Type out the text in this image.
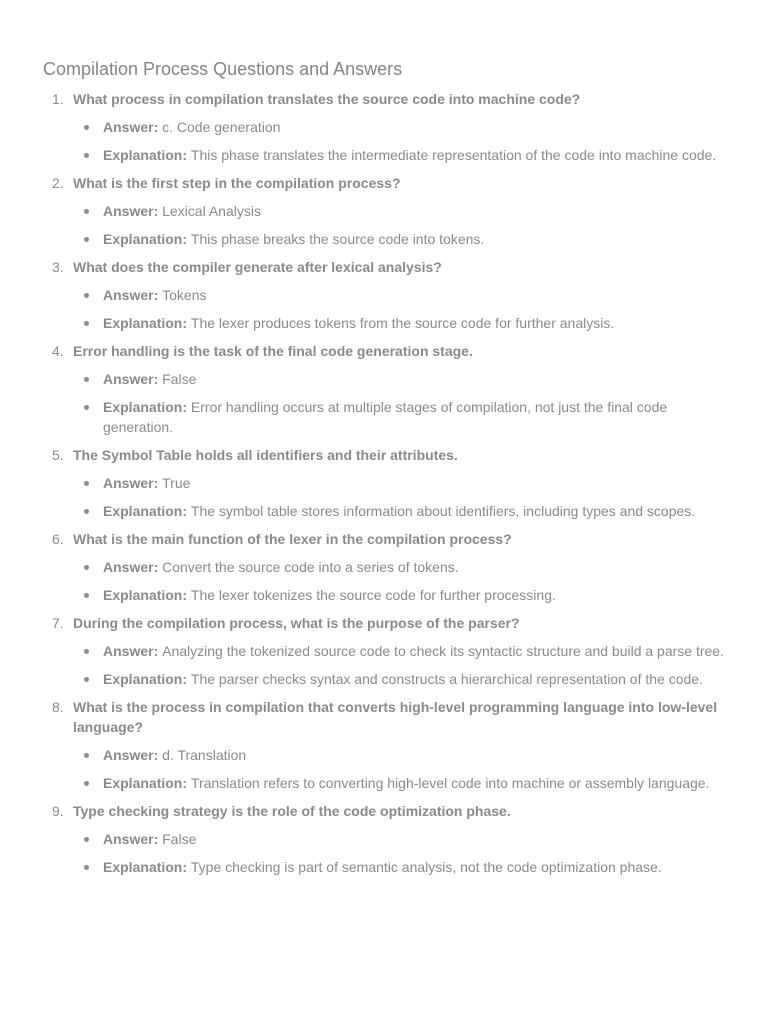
Compilation Process Questions and Answers
1. What process in compilation translates the source code into machine code?
Answer: c. Code generation
Explanation: This phase translates the intermediate representation of the code into machine code.
2. What is the first step in the compilation process?
Answer: Lexical Analysis
Explanation: This phase breaks the source code into tokens.
3. What does the compiler generate after lexical analysis?
Answer: Tokens
Explanation: The lexer produces tokens from the source code for further analysis.
4. Error handling is the task of the final code generation stage.
Answer: False
Explanation: Error handling occurs at multiple stages of compilation, not just the final code generation.
5. The Symbol Table holds all identifiers and their attributes.
Answer: True
Explanation: The symbol table stores information about identifiers, including types and scopes.
6. What is the main function of the lexer in the compilation process?
Answer: Convert the source code into a series of tokens.
Explanation: The lexer tokenizes the source code for further processing.
7. During the compilation process, what is the purpose of the parser?
Answer: Analyzing the tokenized source code to check its syntactic structure and build a parse tree.
Explanation: The parser checks syntax and constructs a hierarchical representation of the code.
8. What is the process in compilation that converts high-level programming language into low-level language?
Answer: d. Translation
Explanation: Translation refers to converting high-level code into machine or assembly language.
9. Type checking strategy is the role of the code optimization phase.
Answer: False
Explanation: Type checking is part of semantic analysis, not the code optimization phase.
